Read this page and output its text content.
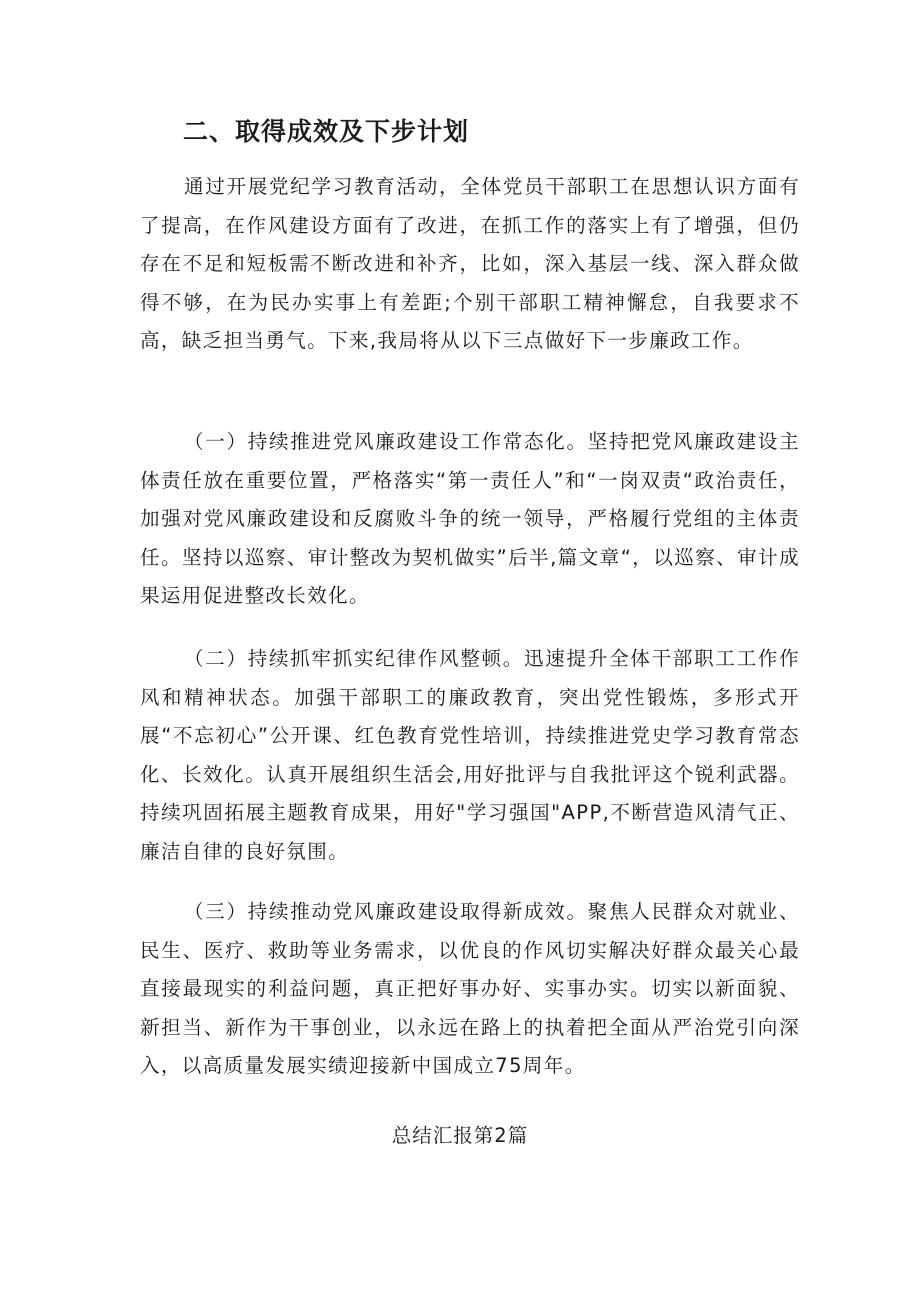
二、取得成效及下步计划

通过开展党纪学习教育活动，全体党员干部职工在思想认识方面有了提高，在作风建设方面有了改进，在抓工作的落实上有了增强，但仍存在不足和短板需不断改进和补齐，比如，深入基层一线、深入群众做得不够，在为民办实事上有差距;个别干部职工精神懈怠，自我要求不高，缺乏担当勇气。下来,我局将从以下三点做好下一步廉政工作。

（一）持续推进党风廉政建设工作常态化。坚持把党风廉政建设主体责任放在重要位置，严格落实“第一责任人”和“一岗双责“政治责任，加强对党风廉政建设和反腐败斗争的统一领导，严格履行党组的主体责任。坚持以巡察、审计整改为契机做实”后半,篇文章“，以巡察、审计成果运用促进整改长效化。

（二）持续抓牢抓实纪律作风整顿。迅速提升全体干部职工工作作风和精神状态。加强干部职工的廉政教育，突出党性锻炼，多形式开展“不忘初心”公开课、红色教育党性培训，持续推进党史学习教育常态化、长效化。认真开展组织生活会,用好批评与自我批评这个锐利武器。持续巩固拓展主题教育成果，用好"学习强国"APP,不断营造风清气正、廉洁自律的良好氛围。

（三）持续推动党风廉政建设取得新成效。聚焦人民群众对就业、民生、医疗、救助等业务需求，以优良的作风切实解决好群众最关心最直接最现实的利益问题，真正把好事办好、实事办实。切实以新面貌、新担当、新作为干事创业，以永远在路上的执着把全面从严治党引向深入，以高质量发展实绩迎接新中国成立75周年。

总结汇报第2篇
